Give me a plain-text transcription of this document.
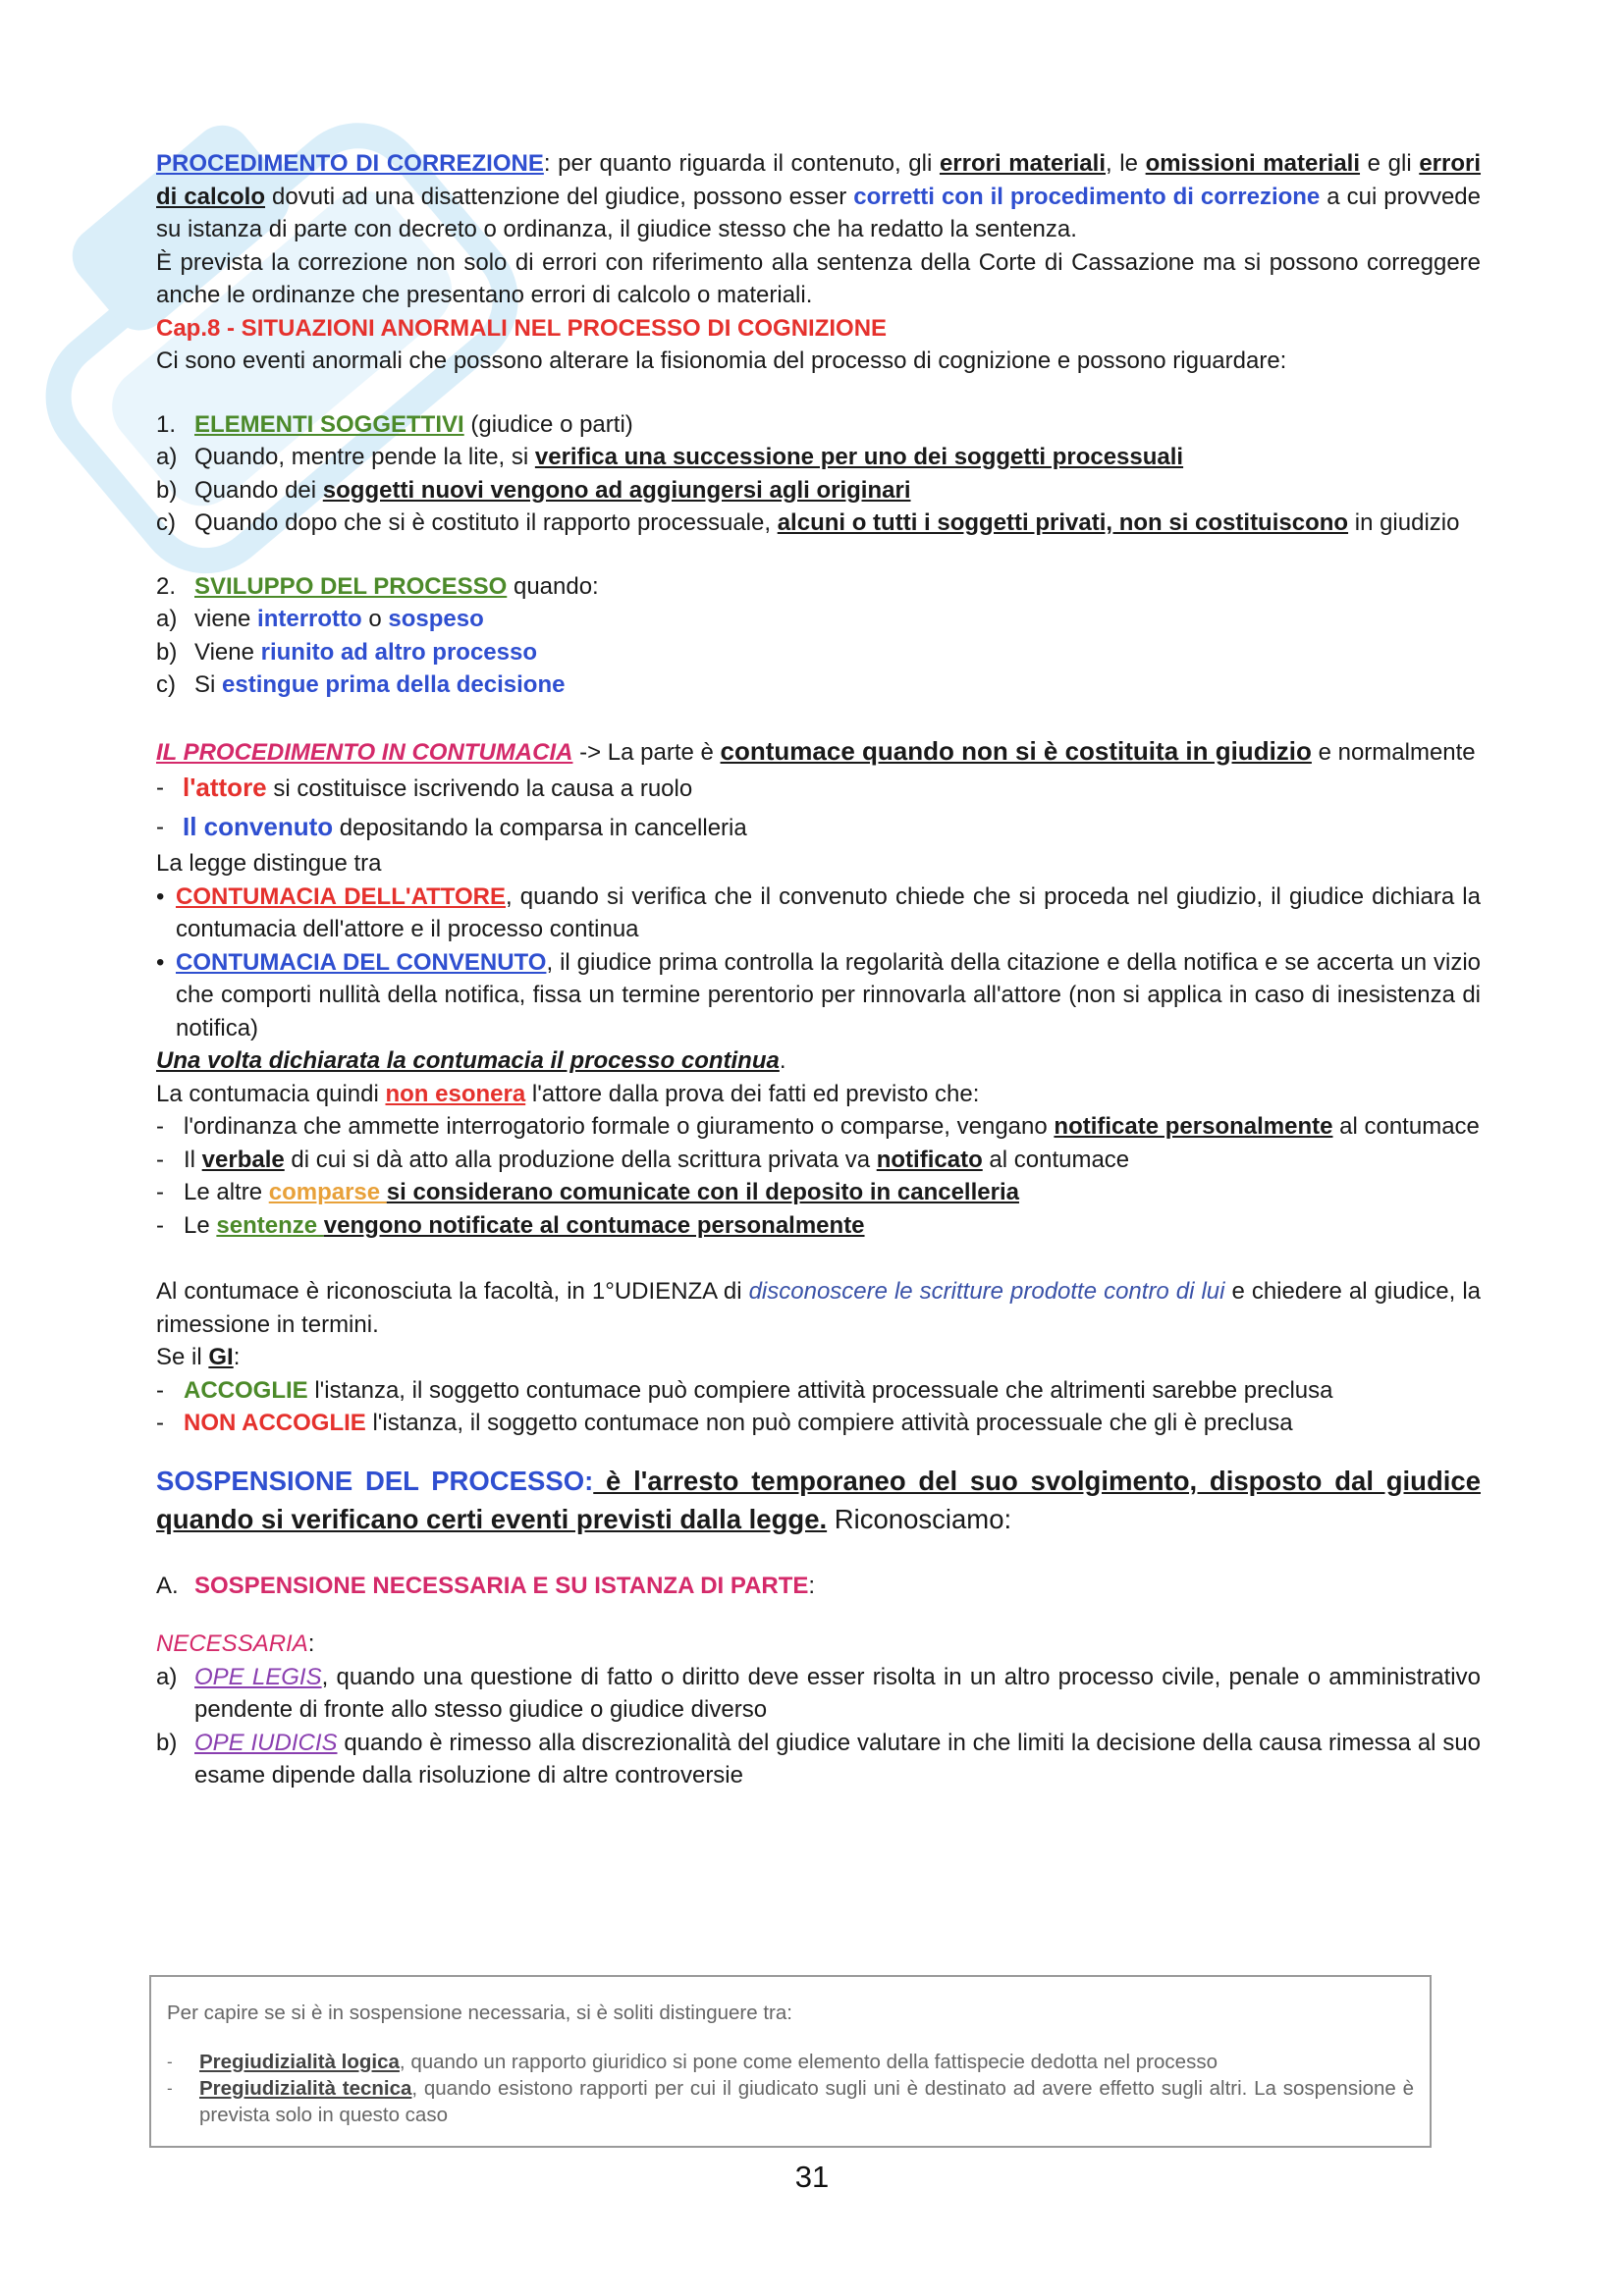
PROCEDIMENTO DI CORREZIONE: per quanto riguarda il contenuto, gli errori materiali, le omissioni materiali e gli errori di calcolo dovuti ad una disattenzione del giudice, possono esser corretti con il procedimento di correzione a cui provvede su istanza di parte con decreto o ordinanza, il giudice stesso che ha redatto la sentenza.

È prevista la correzione non solo di errori con riferimento alla sentenza della Corte di Cassazione ma si possono correggere anche le ordinanze che presentano errori di calcolo o materiali.

Cap.8 - SITUAZIONI ANORMALI NEL PROCESSO DI COGNIZIONE

Ci sono eventi anormali che possono alterare la fisionomia del processo di cognizione e possono riguardare:

1. ELEMENTI SOGGETTIVI (giudice o parti)
a) Quando, mentre pende la lite, si verifica una successione per uno dei soggetti processuali
b) Quando dei soggetti nuovi vengono ad aggiungersi agli originari
c) Quando dopo che si è costituto il rapporto processuale, alcuni o tutti i soggetti privati, non si costituiscono in giudizio
2. SVILUPPO DEL PROCESSO quando:
a) viene interrotto o sospeso
b) Viene riunito ad altro processo
c) Si estingue prima della decisione

IL PROCEDIMENTO IN CONTUMACIA -> La parte è contumace quando non si è costituita in giudizio e normalmente

- l'attore si costituisce iscrivendo la causa a ruolo
- Il convenuto depositando la comparsa in cancelleria

La legge distingue tra

• CONTUMACIA DELL'ATTORE, quando si verifica che il convenuto chiede che si proceda nel giudizio, il giudice dichiara la contumacia dell'attore e il processo continua
• CONTUMACIA DEL CONVENUTO, il giudice prima controlla la regolarità della citazione e della notifica e se accerta un vizio che comporti nullità della notifica, fissa un termine perentorio per rinnovarla all'attore (non si applica in caso di inesistenza di notifica)

Una volta dichiarata la contumacia il processo continua.

La contumacia quindi non esonera l'attore dalla prova dei fatti ed previsto che:

- l'ordinanza che ammette interrogatorio formale o giuramento o comparse, vengano notificate personalmente al contumace
- Il verbale di cui si dà atto alla produzione della scrittura privata va notificato al contumace
- Le altre comparse si considerano comunicate con il deposito in cancelleria
- Le sentenze vengono notificate al contumace personalmente

Al contumace è riconosciuta la facoltà, in 1°UDIENZA di disconoscere le scritture prodotte contro di lui e chiedere al giudice, la rimessione in termini.

Se il GI:

- ACCOGLIE l'istanza, il soggetto contumace può compiere attività processuale che altrimenti sarebbe preclusa
- NON ACCOGLIE l'istanza, il soggetto contumace non può compiere attività processuale che gli è preclusa

SOSPENSIONE DEL PROCESSO: è l'arresto temporaneo del suo svolgimento, disposto dal giudice quando si verificano certi eventi previsti dalla legge. Riconosciamo:

A. SOSPENSIONE NECESSARIA E SU ISTANZA DI PARTE:

NECESSARIA:

a) OPE LEGIS, quando una questione di fatto o diritto deve esser risolta in un altro processo civile, penale o amministrativo pendente di fronte allo stesso giudice o giudice diverso
b) OPE IUDICIS quando è rimesso alla discrezionalità del giudice valutare in che limiti la decisione della causa rimessa al suo esame dipende dalla risoluzione di altre controversie
Per capire se si è in sospensione necessaria, si è soliti distinguere tra:
-	Pregiudizialità logica, quando un rapporto giuridico si pone come elemento della fattispecie dedotta nel processo
-	Pregiudizialità tecnica, quando esistono rapporti per cui il giudicato sugli uni è destinato ad avere effetto sugli altri. La sospensione è prevista solo in questo caso
31
